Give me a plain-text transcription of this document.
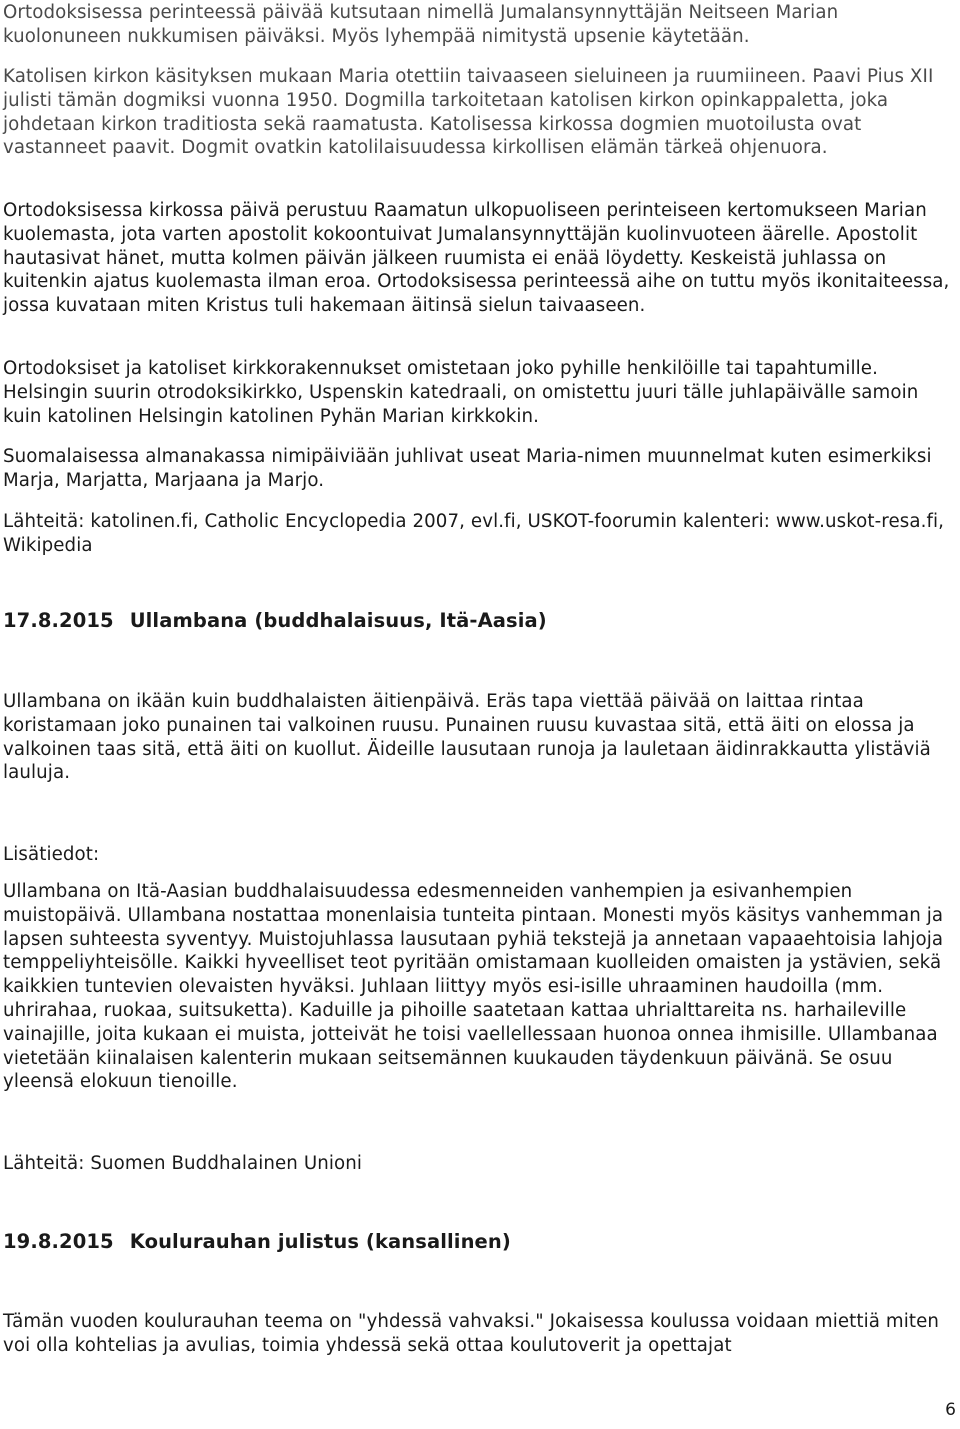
Ortodoksisessa perinteessä päivää kutsutaan nimellä Jumalansynnyttäjän Neitseen Marian kuolonuneen nukkumisen päiväksi. Myös lyhempää nimitystä upsenie käytetään.

Katolisen kirkon käsityksen mukaan Maria otettiin taivaaseen sieluineen ja ruumiineen. Paavi Pius XII julisti tämän dogmiksi vuonna 1950. Dogmilla tarkoitetaan katolisen kirkon opinkappaletta, joka johdetaan kirkon traditiosta sekä raamatusta. Katolisessa kirkossa dogmien muotoilusta ovat vastanneet paavit. Dogmit ovatkin katolilaisuudessa kirkollisen elämän tärkeä ohjenuora.

Ortodoksisessa kirkossa päivä perustuu Raamatun ulkopuoliseen perinteiseen kertomukseen Marian kuolemasta, jota varten apostolit kokoontuivat Jumalansynnyttäjän kuolinvuoteen äärelle. Apostolit hautasivat hänet, mutta kolmen päivän jälkeen ruumista ei enää löydetty. Keskeistä juhlassa on kuitenkin ajatus kuolemasta ilman eroa. Ortodoksisessa perinteessä aihe on tuttu myös ikonitaiteessa, jossa kuvataan miten Kristus tuli hakemaan äitinsä sielun taivaaseen.

Ortodoksiset ja katoliset kirkkorakennukset omistetaan joko pyhille henkilöille tai tapahtumille. Helsingin suurin otrodoksikirkko, Uspenskin katedraali, on omistettu juuri tälle juhlapäivälle samoin kuin katolinen Helsingin katolinen Pyhän Marian kirkkokin.

Suomalaisessa almanakassa nimipäiviään juhlivat useat Maria-nimen muunnelmat kuten esimerkiksi Marja, Marjatta, Marjaana ja Marjo.

Lähteitä: katolinen.fi, Catholic Encyclopedia 2007, evl.fi, USKOT-foorumin kalenteri: www.uskot-resa.fi, Wikipedia

17.8.2015 Ullambana (buddhalaisuus, Itä-Aasia)

Ullambana on ikään kuin buddhalaisten äitienpäivä. Eräs tapa viettää päivää on laittaa rintaa koristamaan joko punainen tai valkoinen ruusu. Punainen ruusu kuvastaa sitä, että äiti on elossa ja valkoinen taas sitä, että äiti on kuollut. Äideille lausutaan runoja ja lauletaan äidinrakkautta ylistäviä lauluja.

Lisätiedot:

Ullambana on Itä-Aasian buddhalaisuudessa edesmenneiden vanhempien ja esivanhempien muistopäivä. Ullambana nostattaa monenlaisia tunteita pintaan. Monesti myös käsitys vanhemman ja lapsen suhteesta syventyy. Muistojuhlassa lausutaan pyhiä tekstejä ja annetaan vapaaehtoisia lahjoja temppeliyhteisölle. Kaikki hyveelliset teot pyritään omistamaan kuolleiden omaisten ja ystävien, sekä kaikkien tuntevien olevaisten hyväksi. Juhlaan liittyy myös esi-isille uhraaminen haudoilla (mm. uhrirahaa, ruokaa, suitsuketta). Kaduille ja pihoille saatetaan kattaa uhrialttareita ns. harhaileville vainajille, joita kukaan ei muista, jotteivät he toisi vaellellessaan huonoa onnea ihmisille. Ullambanaa vietetään kiinalaisen kalenterin mukaan seitsemännen kuukauden täydenkuun päivänä. Se osuu yleensä elokuun tienoille.

Lähteitä: Suomen Buddhalainen Unioni

19.8.2015 Koulurauhan julistus (kansallinen)

Tämän vuoden koulurauhan teema on "yhdessä vahvaksi." Jokaisessa koulussa voidaan miettiä miten voi olla kohtelias ja avulias, toimia yhdessä sekä ottaa koulutoverit ja opettajat

6
